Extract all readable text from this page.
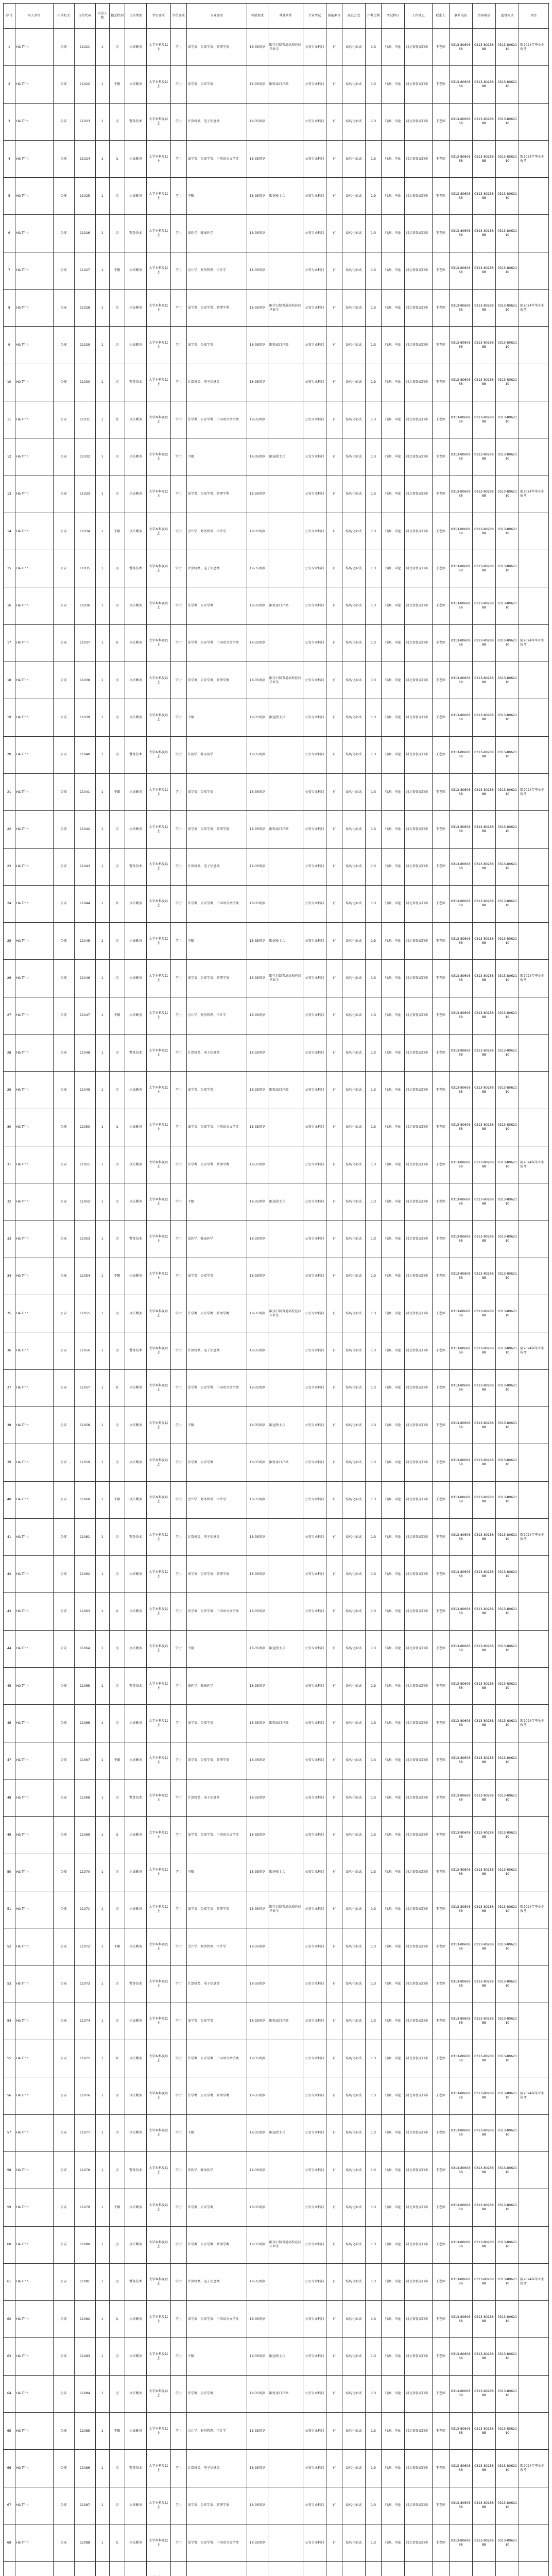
序号	用人单位	招录机关	岗位代码	招录人数	招录性别	岗位类别	学历要求	学位要求	专业要求	年龄要求	其他条件	专业考试	体能测评	面试方式	开考比例	考试科目	工作地点	联系人	联系电话	咨询电话	监督电话	备注
1	Hà Tĩnh	公安	11021	1	男	执法勤务	大学本科及以上	学士	法学类、公安学类、管理学类	18-35周岁	限全日制普通高校应届毕业生	公安专业科目	有	结构化面试	1:3	行测、申论	河北省张家口市	王老师	0313-8060868	0313-8028888	0313-8062110	限2024年毕业生报考
2	Hà Tĩnh	公安	11022	1	不限	执法勤务	大学本科及以上	学士	法学类、公安学类	18-35周岁	限张家口户籍	公安专业科目	有	结构化面试	1:3	行测、申论	河北省张家口市	王老师	0313-8060868	0313-8028888	0313-8062110	
3	Hà Tĩnh	公安	11023	1	男	警务技术	大学本科及以上	学士	计算机类、电子信息类	18-35周岁		公安专业科目	有	结构化面试	1:3	行测、申论	河北省张家口市	王老师	0313-8060868	0313-8028888	0313-8062110	
4	Hà Tĩnh	公安	11024	1	女	执法勤务	大学本科及以上	学士	法学类、公安学类、中国语言文学类	18-35周岁		公安专业科目	有	结构化面试	1:3	行测、申论	河北省张家口市	王老师	0313-8060868	0313-8028888	0313-8062110	限2024年毕业生报考
5	Hà Tĩnh	公安	11025	1	男	执法勤务	大学本科及以上	学士	不限	18-35周岁	限退役士兵	公安专业科目	有	结构化面试	1:3	行测、申论	河北省张家口市	王老师	0313-8060868	0313-8028888	0313-8062110	
6	Hà Tĩnh	公安	11026	1	男	警务技术	大学本科及以上	学士	法医学、临床医学	18-35周岁		公安专业科目	有	结构化面试	1:3	行测、申论	河北省张家口市	王老师	0313-8060868	0313-8028888	0313-8062110	
7	Hà Tĩnh	公安	11027	1	不限	执法勤务	大学本科及以上	学士	会计学、财务管理、审计学	18-35周岁		公安专业科目	有	结构化面试	1:3	行测、申论	河北省张家口市	王老师	0313-8060868	0313-8028888	0313-8062110	
8	Hà Tĩnh	公安	11028	1	男	执法勤务	大学本科及以上	学士	法学类、公安学类、管理学类	18-35周岁	限全日制普通高校应届毕业生	公安专业科目	有	结构化面试	1:3	行测、申论	河北省张家口市	王老师	0313-8060868	0313-8028888	0313-8062110	限2024年毕业生报考
9	Hà Tĩnh	公安	11029	1	男	执法勤务	大学本科及以上	学士	法学类、公安学类	18-35周岁	限张家口户籍	公安专业科目	有	结构化面试	1:3	行测、申论	河北省张家口市	王老师	0313-8060868	0313-8028888	0313-8062110	
10	Hà Tĩnh	公安	11030	1	男	警务技术	大学本科及以上	学士	计算机类、电子信息类	18-35周岁		公安专业科目	有	结构化面试	1:3	行测、申论	河北省张家口市	王老师	0313-8060868	0313-8028888	0313-8062110	
11	Hà Tĩnh	公安	11031	1	女	执法勤务	大学本科及以上	学士	法学类、公安学类、中国语言文学类	18-35周岁		公安专业科目	有	结构化面试	1:3	行测、申论	河北省张家口市	王老师	0313-8060868	0313-8028888	0313-8062110	
12	Hà Tĩnh	公安	11032	1	男	执法勤务	大学本科及以上	学士	不限	18-35周岁	限退役士兵	公安专业科目	有	结构化面试	1:3	行测、申论	河北省张家口市	王老师	0313-8060868	0313-8028888	0313-8062110	
13	Hà Tĩnh	公安	11033	1	男	执法勤务	大学本科及以上	学士	法学类、公安学类、管理学类	18-35周岁		公安专业科目	有	结构化面试	1:3	行测、申论	河北省张家口市	王老师	0313-8060868	0313-8028888	0313-8062110	限2024年毕业生报考
14	Hà Tĩnh	公安	11034	1	不限	执法勤务	大学本科及以上	学士	会计学、财务管理、审计学	18-35周岁		公安专业科目	有	结构化面试	1:3	行测、申论	河北省张家口市	王老师	0313-8060868	0313-8028888	0313-8062110	
15	Hà Tĩnh	公安	11035	1	男	警务技术	大学本科及以上	学士	计算机类、电子信息类	18-35周岁		公安专业科目	有	结构化面试	1:3	行测、申论	河北省张家口市	王老师	0313-8060868	0313-8028888	0313-8062110	
16	Hà Tĩnh	公安	11036	1	男	执法勤务	大学本科及以上	学士	法学类、公安学类	18-35周岁	限张家口户籍	公安专业科目	有	结构化面试	1:3	行测、申论	河北省张家口市	王老师	0313-8060868	0313-8028888	0313-8062110	
17	Hà Tĩnh	公安	11037	1	女	执法勤务	大学本科及以上	学士	法学类、公安学类、中国语言文学类	18-35周岁		公安专业科目	有	结构化面试	1:3	行测、申论	河北省张家口市	王老师	0313-8060868	0313-8028888	0313-8062110	限2024年毕业生报考
18	Hà Tĩnh	公安	11038	1	男	执法勤务	大学本科及以上	学士	法学类、公安学类、管理学类	18-35周岁	限全日制普通高校应届毕业生	公安专业科目	有	结构化面试	1:3	行测、申论	河北省张家口市	王老师	0313-8060868	0313-8028888	0313-8062110	
19	Hà Tĩnh	公安	11039	1	男	执法勤务	大学本科及以上	学士	不限	18-35周岁	限退役士兵	公安专业科目	有	结构化面试	1:3	行测、申论	河北省张家口市	王老师	0313-8060868	0313-8028888	0313-8062110	
20	Hà Tĩnh	公安	11040	1	男	警务技术	大学本科及以上	学士	法医学、临床医学	18-35周岁		公安专业科目	有	结构化面试	1:3	行测、申论	河北省张家口市	王老师	0313-8060868	0313-8028888	0313-8062110	
21	Hà Tĩnh	公安	11041	1	不限	执法勤务	大学本科及以上	学士	法学类、公安学类	18-35周岁		公安专业科目	有	结构化面试	1:3	行测、申论	河北省张家口市	王老师	0313-8060868	0313-8028888	0313-8062110	限2024年毕业生报考
22	Hà Tĩnh	公安	11042	1	男	执法勤务	大学本科及以上	学士	法学类、公安学类、管理学类	18-35周岁	限张家口户籍	公安专业科目	有	结构化面试	1:3	行测、申论	河北省张家口市	王老师	0313-8060868	0313-8028888	0313-8062110	
23	Hà Tĩnh	公安	11043	1	男	警务技术	大学本科及以上	学士	计算机类、电子信息类	18-35周岁		公安专业科目	有	结构化面试	1:3	行测、申论	河北省张家口市	王老师	0313-8060868	0313-8028888	0313-8062110	
24	Hà Tĩnh	公安	11044	1	女	执法勤务	大学本科及以上	学士	法学类、公安学类、中国语言文学类	18-35周岁		公安专业科目	有	结构化面试	1:3	行测、申论	河北省张家口市	王老师	0313-8060868	0313-8028888	0313-8062110	
25	Hà Tĩnh	公安	11045	1	男	执法勤务	大学本科及以上	学士	不限	18-35周岁	限退役士兵	公安专业科目	有	结构化面试	1:3	行测、申论	河北省张家口市	王老师	0313-8060868	0313-8028888	0313-8062110	
26	Hà Tĩnh	公安	11046	1	男	执法勤务	大学本科及以上	学士	法学类、公安学类、管理学类	18-35周岁	限全日制普通高校应届毕业生	公安专业科目	有	结构化面试	1:3	行测、申论	河北省张家口市	王老师	0313-8060868	0313-8028888	0313-8062110	限2024年毕业生报考
27	Hà Tĩnh	公安	11047	1	不限	执法勤务	大学本科及以上	学士	会计学、财务管理、审计学	18-35周岁		公安专业科目	有	结构化面试	1:3	行测、申论	河北省张家口市	王老师	0313-8060868	0313-8028888	0313-8062110	
28	Hà Tĩnh	公安	11048	1	男	警务技术	大学本科及以上	学士	计算机类、电子信息类	18-35周岁		公安专业科目	有	结构化面试	1:3	行测、申论	河北省张家口市	王老师	0313-8060868	0313-8028888	0313-8062110	
29	Hà Tĩnh	公安	11049	1	男	执法勤务	大学本科及以上	学士	法学类、公安学类	18-35周岁	限张家口户籍	公安专业科目	有	结构化面试	1:3	行测、申论	河北省张家口市	王老师	0313-8060868	0313-8028888	0313-8062110	
30	Hà Tĩnh	公安	11050	1	女	执法勤务	大学本科及以上	学士	法学类、公安学类、中国语言文学类	18-35周岁		公安专业科目	有	结构化面试	1:3	行测、申论	河北省张家口市	王老师	0313-8060868	0313-8028888	0313-8062110	
31	Hà Tĩnh	公安	11051	1	男	执法勤务	大学本科及以上	学士	法学类、公安学类、管理学类	18-35周岁		公安专业科目	有	结构化面试	1:3	行测、申论	河北省张家口市	王老师	0313-8060868	0313-8028888	0313-8062110	限2024年毕业生报考
32	Hà Tĩnh	公安	11052	1	男	执法勤务	大学本科及以上	学士	不限	18-35周岁	限退役士兵	公安专业科目	有	结构化面试	1:3	行测、申论	河北省张家口市	王老师	0313-8060868	0313-8028888	0313-8062110	
33	Hà Tĩnh	公安	11053	1	男	警务技术	大学本科及以上	学士	法医学、临床医学	18-35周岁		公安专业科目	有	结构化面试	1:3	行测、申论	河北省张家口市	王老师	0313-8060868	0313-8028888	0313-8062110	
34	Hà Tĩnh	公安	11054	1	不限	执法勤务	大学本科及以上	学士	法学类、公安学类	18-35周岁		公安专业科目	有	结构化面试	1:3	行测、申论	河北省张家口市	王老师	0313-8060868	0313-8028888	0313-8062110	
35	Hà Tĩnh	公安	11055	1	男	执法勤务	大学本科及以上	学士	法学类、公安学类、管理学类	18-35周岁	限全日制普通高校应届毕业生	公安专业科目	有	结构化面试	1:3	行测、申论	河北省张家口市	王老师	0313-8060868	0313-8028888	0313-8062110	
36	Hà Tĩnh	公安	11056	1	男	警务技术	大学本科及以上	学士	计算机类、电子信息类	18-35周岁		公安专业科目	有	结构化面试	1:3	行测、申论	河北省张家口市	王老师	0313-8060868	0313-8028888	0313-8062110	限2024年毕业生报考
37	Hà Tĩnh	公安	11057	1	女	执法勤务	大学本科及以上	学士	法学类、公安学类、中国语言文学类	18-35周岁		公安专业科目	有	结构化面试	1:3	行测、申论	河北省张家口市	王老师	0313-8060868	0313-8028888	0313-8062110	
38	Hà Tĩnh	公安	11058	1	男	执法勤务	大学本科及以上	学士	不限	18-35周岁	限退役士兵	公安专业科目	有	结构化面试	1:3	行测、申论	河北省张家口市	王老师	0313-8060868	0313-8028888	0313-8062110	
39	Hà Tĩnh	公安	11059	1	男	执法勤务	大学本科及以上	学士	法学类、公安学类	18-35周岁	限张家口户籍	公安专业科目	有	结构化面试	1:3	行测、申论	河北省张家口市	王老师	0313-8060868	0313-8028888	0313-8062110	
40	Hà Tĩnh	公安	11060	1	不限	执法勤务	大学本科及以上	学士	会计学、财务管理、审计学	18-35周岁		公安专业科目	有	结构化面试	1:3	行测、申论	河北省张家口市	王老师	0313-8060868	0313-8028888	0313-8062110	
41	Hà Tĩnh	公安	11061	1	男	警务技术	大学本科及以上	学士	计算机类、电子信息类	18-35周岁		公安专业科目	有	结构化面试	1:3	行测、申论	河北省张家口市	王老师	0313-8060868	0313-8028888	0313-8062110	限2024年毕业生报考
42	Hà Tĩnh	公安	11062	1	男	执法勤务	大学本科及以上	学士	法学类、公安学类、管理学类	18-35周岁		公安专业科目	有	结构化面试	1:3	行测、申论	河北省张家口市	王老师	0313-8060868	0313-8028888	0313-8062110	
43	Hà Tĩnh	公安	11063	1	女	执法勤务	大学本科及以上	学士	法学类、公安学类、中国语言文学类	18-35周岁		公安专业科目	有	结构化面试	1:3	行测、申论	河北省张家口市	王老师	0313-8060868	0313-8028888	0313-8062110	
44	Hà Tĩnh	公安	11064	1	男	执法勤务	大学本科及以上	学士	不限	18-35周岁	限退役士兵	公安专业科目	有	结构化面试	1:3	行测、申论	河北省张家口市	王老师	0313-8060868	0313-8028888	0313-8062110	
45	Hà Tĩnh	公安	11065	1	男	警务技术	大学本科及以上	学士	法医学、临床医学	18-35周岁		公安专业科目	有	结构化面试	1:3	行测、申论	河北省张家口市	王老师	0313-8060868	0313-8028888	0313-8062110	
46	Hà Tĩnh	公安	11066	1	男	执法勤务	大学本科及以上	学士	法学类、公安学类	18-35周岁	限张家口户籍	公安专业科目	有	结构化面试	1:3	行测、申论	河北省张家口市	王老师	0313-8060868	0313-8028888	0313-8062110	限2024年毕业生报考
47	Hà Tĩnh	公安	11067	1	不限	执法勤务	大学本科及以上	学士	法学类、公安学类、管理学类	18-35周岁		公安专业科目	有	结构化面试	1:3	行测、申论	河北省张家口市	王老师	0313-8060868	0313-8028888	0313-8062110	
48	Hà Tĩnh	公安	11068	1	男	警务技术	大学本科及以上	学士	计算机类、电子信息类	18-35周岁		公安专业科目	有	结构化面试	1:3	行测、申论	河北省张家口市	王老师	0313-8060868	0313-8028888	0313-8062110	
49	Hà Tĩnh	公安	11069	1	女	执法勤务	大学本科及以上	学士	法学类、公安学类、中国语言文学类	18-35周岁		公安专业科目	有	结构化面试	1:3	行测、申论	河北省张家口市	王老师	0313-8060868	0313-8028888	0313-8062110	
50	Hà Tĩnh	公安	11070	1	男	执法勤务	大学本科及以上	学士	不限	18-35周岁	限退役士兵	公安专业科目	有	结构化面试	1:3	行测、申论	河北省张家口市	王老师	0313-8060868	0313-8028888	0313-8062110	
51	Hà Tĩnh	公安	11071	1	男	执法勤务	大学本科及以上	学士	法学类、公安学类、管理学类	18-35周岁	限全日制普通高校应届毕业生	公安专业科目	有	结构化面试	1:3	行测、申论	河北省张家口市	王老师	0313-8060868	0313-8028888	0313-8062110	限2024年毕业生报考
52	Hà Tĩnh	公安	11072	1	不限	执法勤务	大学本科及以上	学士	会计学、财务管理、审计学	18-35周岁		公安专业科目	有	结构化面试	1:3	行测、申论	河北省张家口市	王老师	0313-8060868	0313-8028888	0313-8062110	
53	Hà Tĩnh	公安	11073	1	男	警务技术	大学本科及以上	学士	计算机类、电子信息类	18-35周岁		公安专业科目	有	结构化面试	1:3	行测、申论	河北省张家口市	王老师	0313-8060868	0313-8028888	0313-8062110	
54	Hà Tĩnh	公安	11074	1	男	执法勤务	大学本科及以上	学士	法学类、公安学类	18-35周岁	限张家口户籍	公安专业科目	有	结构化面试	1:3	行测、申论	河北省张家口市	王老师	0313-8060868	0313-8028888	0313-8062110	
55	Hà Tĩnh	公安	11075	1	女	执法勤务	大学本科及以上	学士	法学类、公安学类、中国语言文学类	18-35周岁		公安专业科目	有	结构化面试	1:3	行测、申论	河北省张家口市	王老师	0313-8060868	0313-8028888	0313-8062110	
56	Hà Tĩnh	公安	11076	1	男	执法勤务	大学本科及以上	学士	法学类、公安学类、管理学类	18-35周岁		公安专业科目	有	结构化面试	1:3	行测、申论	河北省张家口市	王老师	0313-8060868	0313-8028888	0313-8062110	限2024年毕业生报考
57	Hà Tĩnh	公安	11077	1	男	执法勤务	大学本科及以上	学士	不限	18-35周岁	限退役士兵	公安专业科目	有	结构化面试	1:3	行测、申论	河北省张家口市	王老师	0313-8060868	0313-8028888	0313-8062110	
58	Hà Tĩnh	公安	11078	1	男	警务技术	大学本科及以上	学士	法医学、临床医学	18-35周岁		公安专业科目	有	结构化面试	1:3	行测、申论	河北省张家口市	王老师	0313-8060868	0313-8028888	0313-8062110	
59	Hà Tĩnh	公安	11079	1	不限	执法勤务	大学本科及以上	学士	法学类、公安学类	18-35周岁		公安专业科目	有	结构化面试	1:3	行测、申论	河北省张家口市	王老师	0313-8060868	0313-8028888	0313-8062110	
60	Hà Tĩnh	公安	11080	1	男	执法勤务	大学本科及以上	学士	法学类、公安学类、管理学类	18-35周岁	限全日制普通高校应届毕业生	公安专业科目	有	结构化面试	1:3	行测、申论	河北省张家口市	王老师	0313-8060868	0313-8028888	0313-8062110	
61	Hà Tĩnh	公安	11081	1	男	警务技术	大学本科及以上	学士	计算机类、电子信息类	18-35周岁		公安专业科目	有	结构化面试	1:3	行测、申论	河北省张家口市	王老师	0313-8060868	0313-8028888	0313-8062110	限2024年毕业生报考
62	Hà Tĩnh	公安	11082	1	女	执法勤务	大学本科及以上	学士	法学类、公安学类、中国语言文学类	18-35周岁		公安专业科目	有	结构化面试	1:3	行测、申论	河北省张家口市	王老师	0313-8060868	0313-8028888	0313-8062110	
63	Hà Tĩnh	公安	11083	1	男	执法勤务	大学本科及以上	学士	不限	18-35周岁	限退役士兵	公安专业科目	有	结构化面试	1:3	行测、申论	河北省张家口市	王老师	0313-8060868	0313-8028888	0313-8062110	
64	Hà Tĩnh	公安	11084	1	男	执法勤务	大学本科及以上	学士	法学类、公安学类	18-35周岁	限张家口户籍	公安专业科目	有	结构化面试	1:3	行测、申论	河北省张家口市	王老师	0313-8060868	0313-8028888	0313-8062110	
65	Hà Tĩnh	公安	11085	1	不限	执法勤务	大学本科及以上	学士	会计学、财务管理、审计学	18-35周岁		公安专业科目	有	结构化面试	1:3	行测、申论	河北省张家口市	王老师	0313-8060868	0313-8028888	0313-8062110	
66	Hà Tĩnh	公安	11086	1	男	警务技术	大学本科及以上	学士	计算机类、电子信息类	18-35周岁		公安专业科目	有	结构化面试	1:3	行测、申论	河北省张家口市	王老师	0313-8060868	0313-8028888	0313-8062110	限2024年毕业生报考
67	Hà Tĩnh	公安	11087	1	男	执法勤务	大学本科及以上	学士	法学类、公安学类、管理学类	18-35周岁		公安专业科目	有	结构化面试	1:3	行测、申论	河北省张家口市	王老师	0313-8060868	0313-8028888	0313-8062110	
68	Hà Tĩnh	公安	11088	1	女	执法勤务	大学本科及以上	学士	法学类、公安学类、中国语言文学类	18-35周岁		公安专业科目	有	结构化面试	1:3	行测、申论	河北省张家口市	王老师	0313-8060868	0313-8028888	0313-8062110	
